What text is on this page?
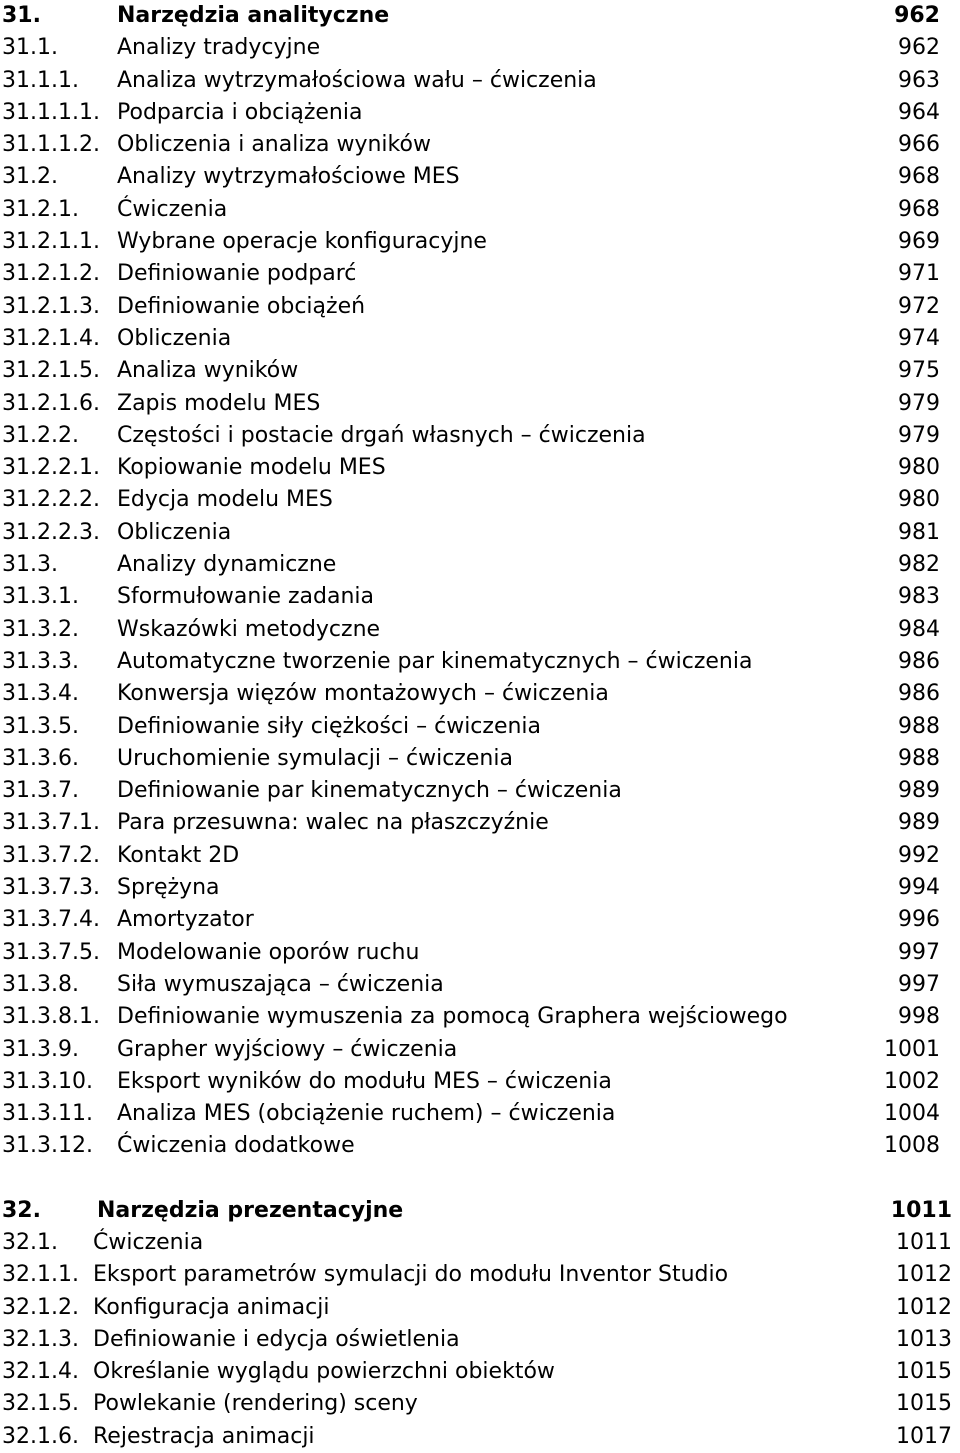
31.	Narzędzia analityczne	962
31.1.	Analizy tradycyjne	962
31.1.1. Analiza wytrzymałościowa wału – ćwiczenia	963
31.1.1.1. Podparcia i obciążenia	964
31.1.1.2. Obliczenia i analiza wyników	966
31.2.	Analizy wytrzymałościowe MES	968
31.2.1. Ćwiczenia	968
31.2.1.1. Wybrane operacje konfiguracyjne	969
31.2.1.2. Definiowanie podparć	971
31.2.1.3. Definiowanie obciążeń	972
31.2.1.4. Obliczenia	974
31.2.1.5. Analiza wyników	975
31.2.1.6. Zapis modelu MES	979
31.2.2. Częstości i postacie drgań własnych – ćwiczenia	979
31.2.2.1. Kopiowanie modelu MES	980
31.2.2.2. Edycja modelu MES	980
31.2.2.3. Obliczenia	981
31.3.	Analizy dynamiczne	982
31.3.1. Sformułowanie zadania	983
31.3.2. Wskazówki metodyczne	984
31.3.3. Automatyczne tworzenie par kinematycznych – ćwiczenia	986
31.3.4. Konwersja więzów montażowych – ćwiczenia	986
31.3.5. Definiowanie siły ciężkości – ćwiczenia	988
31.3.6. Uruchomienie symulacji – ćwiczenia	988
31.3.7. Definiowanie par kinematycznych – ćwiczenia	989
31.3.7.1. Para przesuwna: walec na płaszczyźnie	989
31.3.7.2. Kontakt 2D	992
31.3.7.3. Sprężyna	994
31.3.7.4. Amortyzator	996
31.3.7.5. Modelowanie oporów ruchu	997
31.3.8. Siła wymuszająca – ćwiczenia	997
31.3.8.1. Definiowanie wymuszenia za pomocą Graphera wejściowego	998
31.3.9. Grapher wyjściowy – ćwiczenia	1001
31.3.10. Eksport wyników do modułu MES – ćwiczenia	1002
31.3.11. Analiza MES (obciążenie ruchem) – ćwiczenia	1004
31.3.12. Ćwiczenia dodatkowe	1008
32.	Narzędzia prezentacyjne	1011
32.1. Ćwiczenia	1011
32.1.1. Eksport parametrów symulacji do modułu Inventor Studio	1012
32.1.2. Konfiguracja animacji	1012
32.1.3. Definiowanie i edycja oświetlenia	1013
32.1.4. Określanie wyglądu powierzchni obiektów	1015
32.1.5. Powlekanie (rendering) sceny	1015
32.1.6. Rejestracja animacji	1017
